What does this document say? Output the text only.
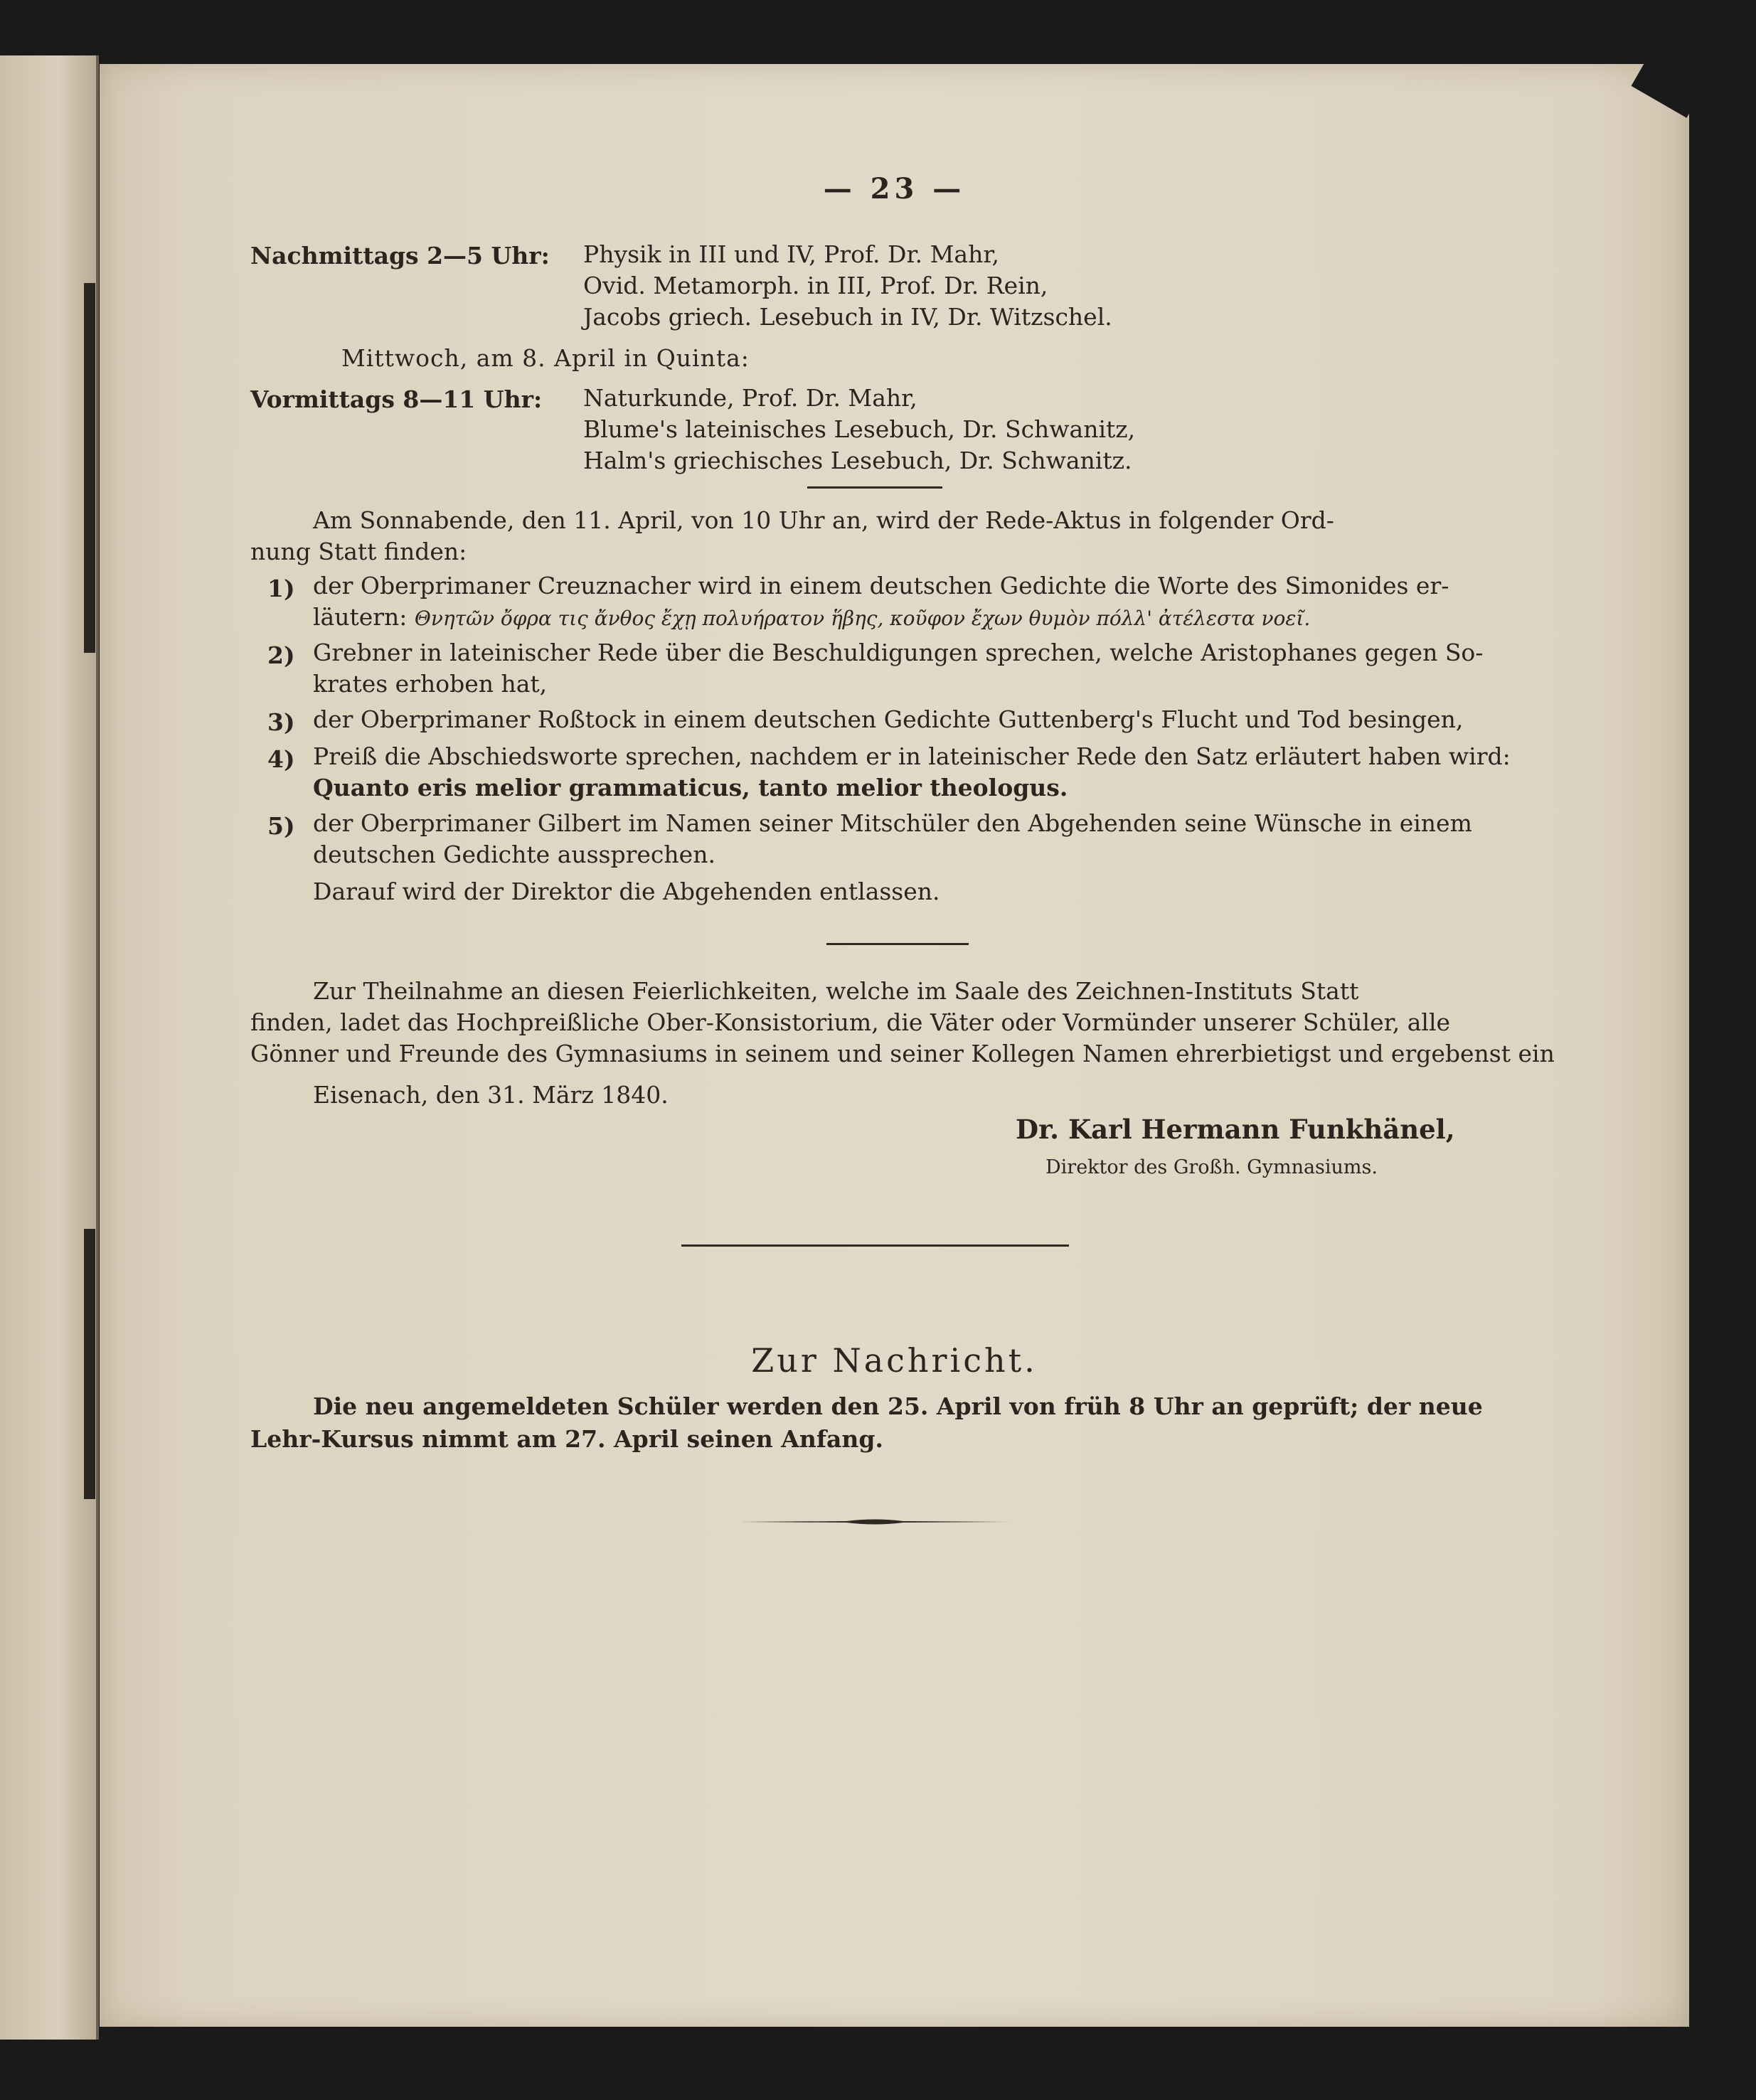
— 23 —
Nachmittags 2—5 Uhr: Physik in III und IV, Prof. Dr. Mahr,
Ovid. Metamorph. in III, Prof. Dr. Rein,
Jacobs griech. Lesebuch in IV, Dr. Witzschel.
Mittwoch, am 8. April in Quinta:
Vormittags 8—11 Uhr: Naturkunde, Prof. Dr. Mahr,
Blume's lateinisches Lesebuch, Dr. Schwanitz,
Halm's griechisches Lesebuch, Dr. Schwanitz.
Am Sonnabende, den 11. April, von 10 Uhr an, wird der Rede-Aktus in folgender Ord-
nung Statt finden:
1) der Oberprimaner Creuznacher wird in einem deutschen Gedichte die Worte des Simonides er-
läutern: Θνητῶν ὄφρα τις ἄνθος ἔχῃ πολυήρατον ἥβης, κοῦφον ἔχων θυμὸν πόλλ' ἀτέλεστα νοεῖ.
2) Grebner in lateinischer Rede über die Beschuldigungen sprechen, welche Aristophanes gegen So-
krates erhoben hat,
3) der Oberprimaner Roßtock in einem deutschen Gedichte Guttenberg's Flucht und Tod besingen,
4) Preiß die Abschiedsworte sprechen, nachdem er in lateinischer Rede den Satz erläutert haben wird:
Quanto eris melior grammaticus, tanto melior theologus.
5) der Oberprimaner Gilbert im Namen seiner Mitschüler den Abgehenden seine Wünsche in einem
deutschen Gedichte aussprechen.
Darauf wird der Direktor die Abgehenden entlassen.
Zur Theilnahme an diesen Feierlichkeiten, welche im Saale des Zeichnen-Instituts Statt
finden, ladet das Hochpreißliche Ober-Konsistorium, die Väter oder Vormünder unserer Schüler, alle
Gönner und Freunde des Gymnasiums in seinem und seiner Kollegen Namen ehrerbietigst und ergebenst ein
Eisenach, den 31. März 1840.
Dr. Karl Hermann Funkhänel,
Direktor des Großh. Gymnasiums.
Zur Nachricht.
Die neu angemeldeten Schüler werden den 25. April von früh 8 Uhr an geprüft; der neue
Lehr-Kursus nimmt am 27. April seinen Anfang.
